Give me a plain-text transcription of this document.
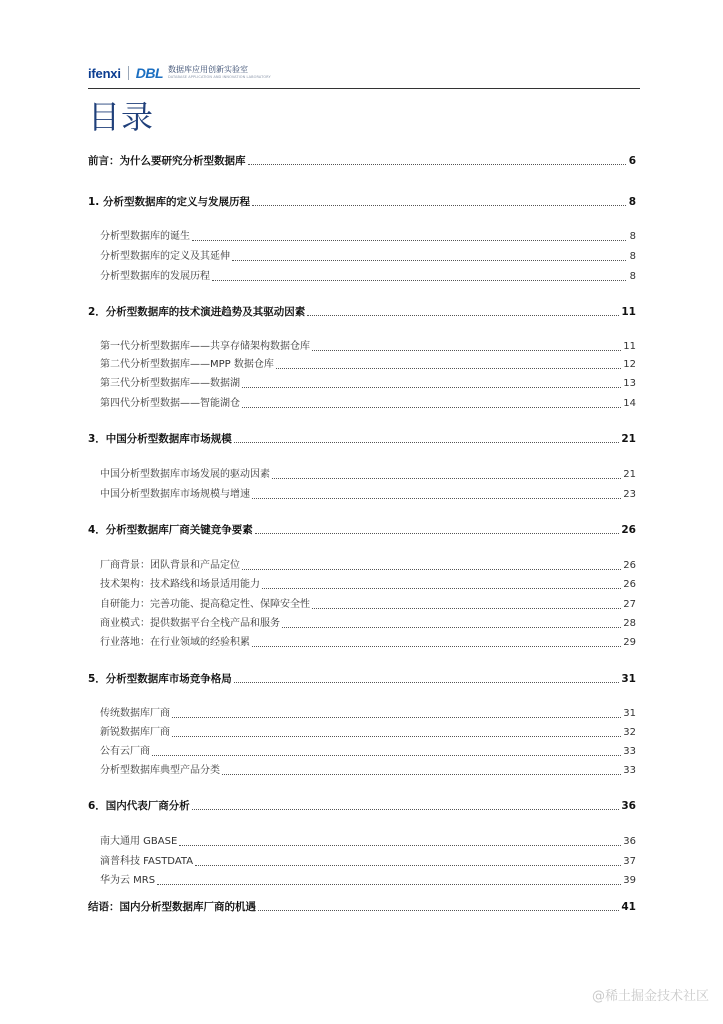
ifenxi DBL 数据库应用创新实验室
DATABASE APPLICATION AND INNOVATION LABORATORY
目录
前言：为什么要研究分析型数据库	6
1. 分析型数据库的定义与发展历程	8
分析型数据库的诞生	8
分析型数据库的定义及其延伸	8
分析型数据库的发展历程	8
2．分析型数据库的技术演进趋势及其驱动因素	11
第一代分析型数据库——共享存储架构数据仓库	11
第二代分析型数据库——MPP 数据仓库	12
第三代分析型数据库——数据湖	13
第四代分析型数据——智能湖仓	14
3．中国分析型数据库市场规模	21
中国分析型数据库市场发展的驱动因素	21
中国分析型数据库市场规模与增速	23
4．分析型数据库厂商关键竞争要素	26
厂商背景：团队背景和产品定位	26
技术架构：技术路线和场景适用能力	26
自研能力：完善功能、提高稳定性、保障安全性	27
商业模式：提供数据平台全栈产品和服务	28
行业落地：在行业领域的经验积累	29
5．分析型数据库市场竞争格局	31
传统数据库厂商	31
新锐数据库厂商	32
公有云厂商	33
分析型数据库典型产品分类	33
6．国内代表厂商分析	36
南大通用 GBASE	36
滴普科技 FASTDATA	37
华为云 MRS	39
结语：国内分析型数据库厂商的机遇	41
@稀土掘金技术社区
